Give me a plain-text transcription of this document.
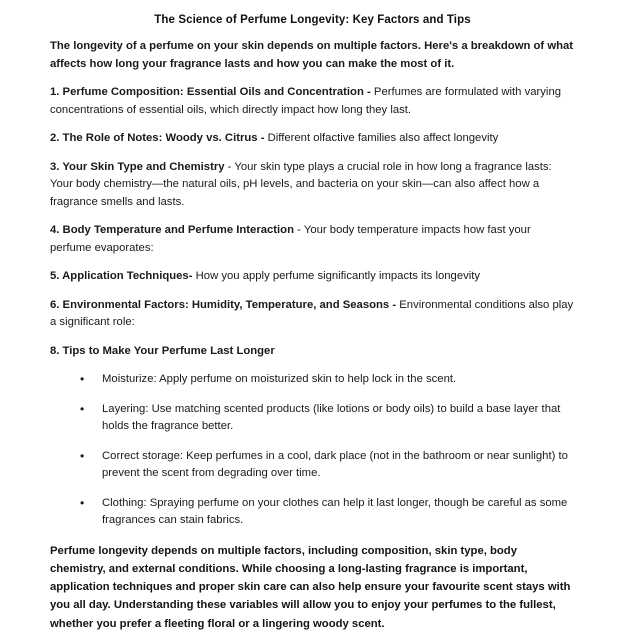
The Science of Perfume Longevity: Key Factors and Tips

The longevity of a perfume on your skin depends on multiple factors. Here's a breakdown of what affects how long your fragrance lasts and how you can make the most of it.

1. Perfume Composition: Essential Oils and Concentration - Perfumes are formulated with varying concentrations of essential oils, which directly impact how long they last.

2. The Role of Notes: Woody vs. Citrus - Different olfactive families also affect longevity

3. Your Skin Type and Chemistry - Your skin type plays a crucial role in how long a fragrance lasts: Your body chemistry—the natural oils, pH levels, and bacteria on your skin—can also affect how a fragrance smells and lasts.

4. Body Temperature and Perfume Interaction - Your body temperature impacts how fast your perfume evaporates:

5. Application Techniques- How you apply perfume significantly impacts its longevity

6. Environmental Factors: Humidity, Temperature, and Seasons - Environmental conditions also play a significant role:

8. Tips to Make Your Perfume Last Longer

• Moisturize: Apply perfume on moisturized skin to help lock in the scent.
• Layering: Use matching scented products (like lotions or body oils) to build a base layer that holds the fragrance better.
• Correct storage: Keep perfumes in a cool, dark place (not in the bathroom or near sunlight) to prevent the scent from degrading over time.
• Clothing: Spraying perfume on your clothes can help it last longer, though be careful as some fragrances can stain fabrics.

Perfume longevity depends on multiple factors, including composition, skin type, body chemistry, and external conditions. While choosing a long-lasting fragrance is important, application techniques and proper skin care can also help ensure your favourite scent stays with you all day. Understanding these variables will allow you to enjoy your perfumes to the fullest, whether you prefer a fleeting floral or a lingering woody scent.
